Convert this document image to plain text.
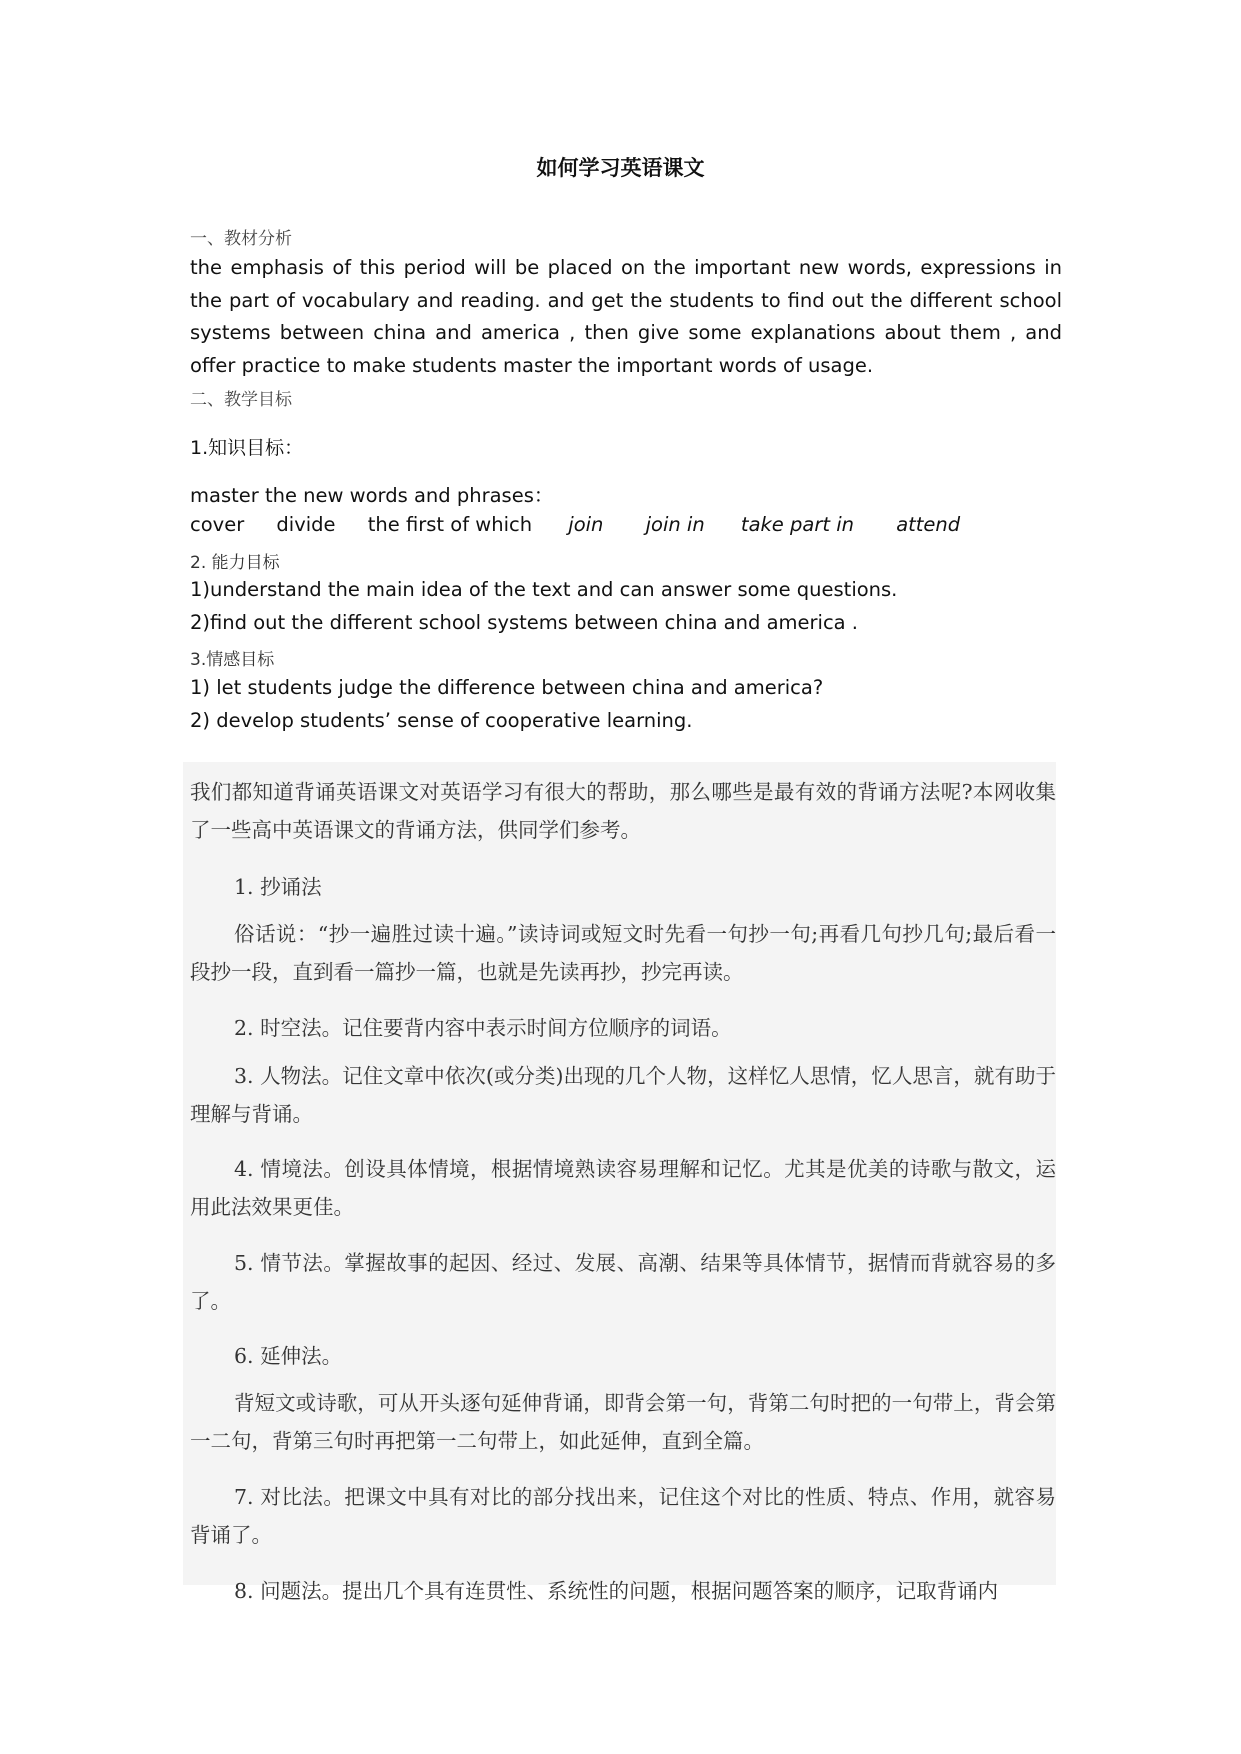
如何学习英语课文
一、教材分析
the emphasis of this period will be placed on the important new words, expressions in the part of vocabulary and reading. and get the students to find out the different school systems between china and america , then give some explanations about them , and offer practice to make students master the important words of usage.
二、教学目标
1.知识目标：
master the new words and phrases：
cover divide the first of which join join in take part in attend
2. 能力目标
1)understand the main idea of the text and can answer some questions.
2)find out the different school systems between china and america .
3.情感目标
1) let students judge the difference between china and america?
2) develop students’ sense of cooperative learning.

我们都知道背诵英语课文对英语学习有很大的帮助，那么哪些是最有效的背诵方法呢?本网收集了一些高中英语课文的背诵方法，供同学们参考。

1. 抄诵法

俗话说：“抄一遍胜过读十遍。”读诗词或短文时先看一句抄一句;再看几句抄几句;最后看一段抄一段，直到看一篇抄一篇，也就是先读再抄，抄完再读。

2. 时空法。记住要背内容中表示时间方位顺序的词语。

3. 人物法。记住文章中依次(或分类)出现的几个人物，这样忆人思情，忆人思言，就有助于理解与背诵。

4. 情境法。创设具体情境，根据情境熟读容易理解和记忆。尤其是优美的诗歌与散文，运用此法效果更佳。

5. 情节法。掌握故事的起因、经过、发展、高潮、结果等具体情节，据情而背就容易的多了。

6. 延伸法。

背短文或诗歌，可从开头逐句延伸背诵，即背会第一句，背第二句时把的一句带上，背会第一二句，背第三句时再把第一二句带上，如此延伸，直到全篇。

7. 对比法。把课文中具有对比的部分找出来，记住这个对比的性质、特点、作用，就容易背诵了。

8. 问题法。提出几个具有连贯性、系统性的问题，根据问题答案的顺序，记取背诵内
